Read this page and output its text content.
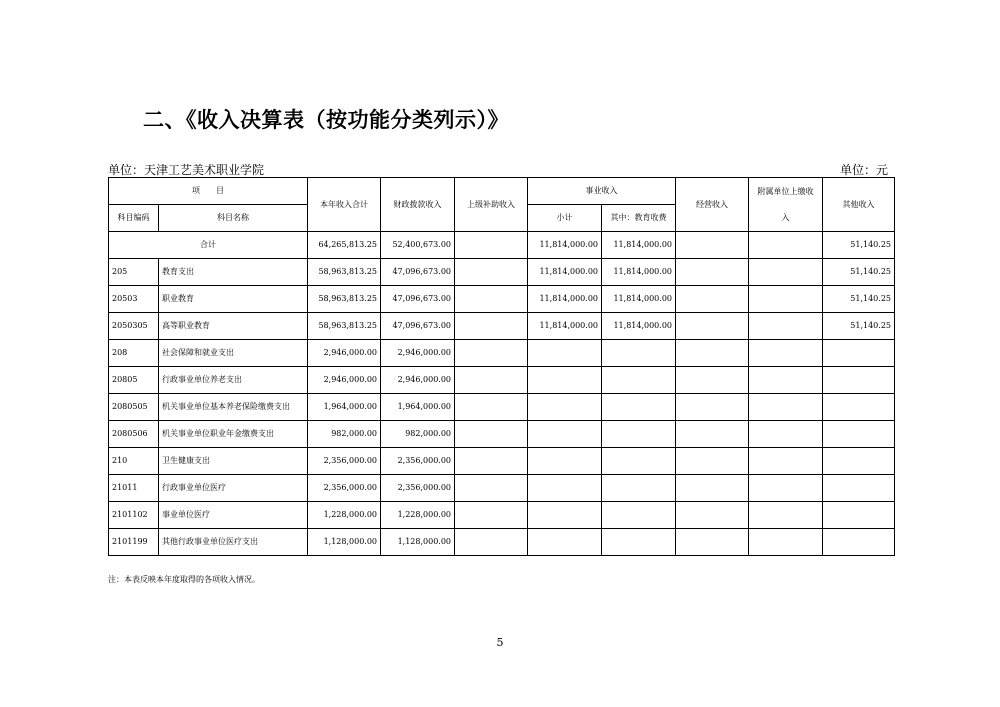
二、《收入决算表（按功能分类列示）》
单位：天津工艺美术职业学院	单位：元
项　　目		本年收入合计	财政拨款收入	上级补助收入	事业收入		经营收入	附属单位上缴收入	其他收入
科目编码	科目名称				小计	其中：教育收费			
合计		64,265,813.25	52,400,673.00		11,814,000.00	11,814,000.00			51,140.25
205	教育支出	58,963,813.25	47,096,673.00		11,814,000.00	11,814,000.00			51,140.25
20503	职业教育	58,963,813.25	47,096,673.00		11,814,000.00	11,814,000.00			51,140.25
2050305	高等职业教育	58,963,813.25	47,096,673.00		11,814,000.00	11,814,000.00			51,140.25
208	社会保障和就业支出	2,946,000.00	2,946,000.00						
20805	行政事业单位养老支出	2,946,000.00	2,946,000.00						
2080505	机关事业单位基本养老保险缴费支出	1,964,000.00	1,964,000.00						
2080506	机关事业单位职业年金缴费支出	982,000.00	982,000.00						
210	卫生健康支出	2,356,000.00	2,356,000.00						
21011	行政事业单位医疗	2,356,000.00	2,356,000.00						
2101102	事业单位医疗	1,228,000.00	1,228,000.00						
2101199	其他行政事业单位医疗支出	1,128,000.00	1,128,000.00						
注：本表反映本年度取得的各项收入情况。
5
